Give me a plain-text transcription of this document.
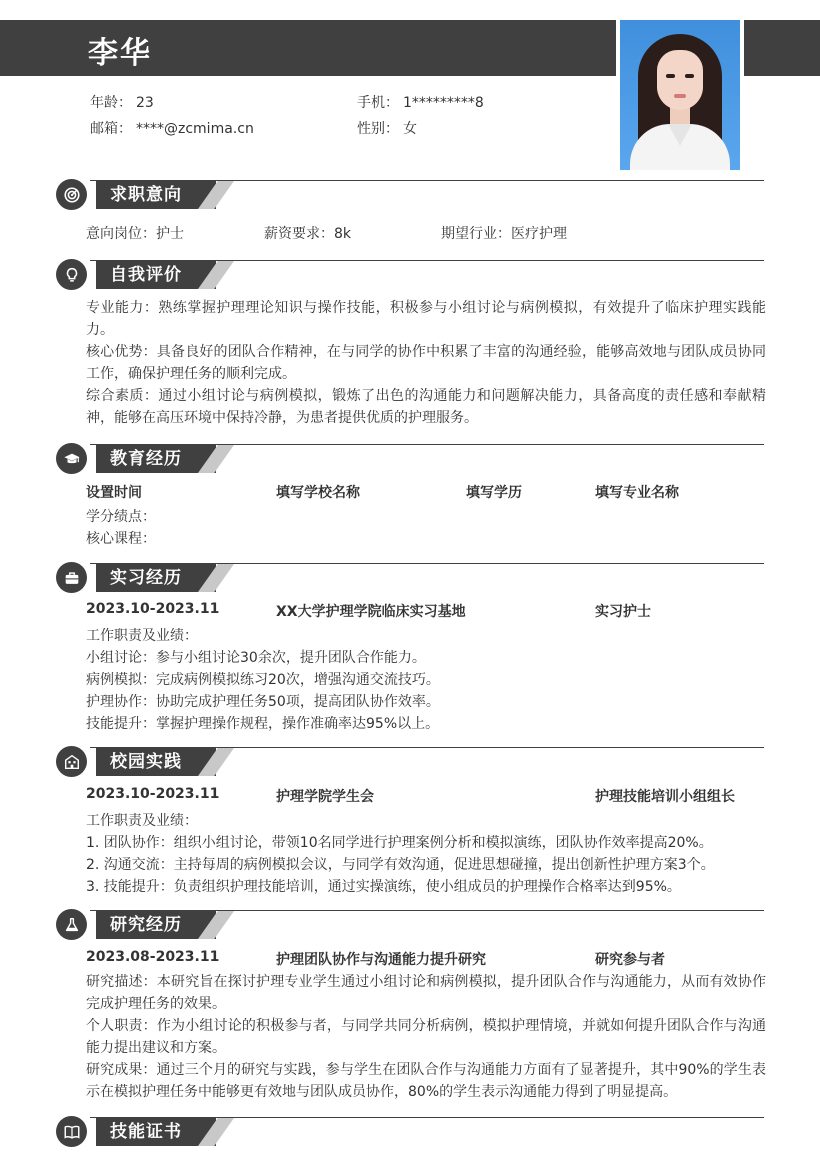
李华
年龄： 23	手机： 1*********8
邮箱： ****@zcmima.cn	性别： 女
求职意向
意向岗位：护士	薪资要求：8k	期望行业：医疗护理
自我评价
专业能力：熟练掌握护理理论知识与操作技能，积极参与小组讨论与病例模拟，有效提升了临床护理实践能力。
核心优势：具备良好的团队合作精神，在与同学的协作中积累了丰富的沟通经验，能够高效地与团队成员协同工作，确保护理任务的顺利完成。
综合素质：通过小组讨论与病例模拟，锻炼了出色的沟通能力和问题解决能力，具备高度的责任感和奉献精神，能够在高压环境中保持冷静，为患者提供优质的护理服务。
教育经历
设置时间	填写学校名称	填写学历	填写专业名称
学分绩点：
核心课程：
实习经历
2023.10-2023.11	XX大学护理学院临床实习基地	实习护士
工作职责及业绩：
小组讨论：参与小组讨论30余次，提升团队合作能力。
病例模拟：完成病例模拟练习20次，增强沟通交流技巧。
护理协作：协助完成护理任务50项，提高团队协作效率。
技能提升：掌握护理操作规程，操作准确率达95%以上。
校园实践
2023.10-2023.11	护理学院学生会	护理技能培训小组组长
工作职责及业绩：
1. 团队协作：组织小组讨论，带领10名同学进行护理案例分析和模拟演练，团队协作效率提高20%。
2. 沟通交流：主持每周的病例模拟会议，与同学有效沟通，促进思想碰撞，提出创新性护理方案3个。
3. 技能提升：负责组织护理技能培训，通过实操演练，使小组成员的护理操作合格率达到95%。
研究经历
2023.08-2023.11	护理团队协作与沟通能力提升研究	研究参与者
研究描述：本研究旨在探讨护理专业学生通过小组讨论和病例模拟，提升团队合作与沟通能力，从而有效协作完成护理任务的效果。
个人职责：作为小组讨论的积极参与者，与同学共同分析病例，模拟护理情境，并就如何提升团队合作与沟通能力提出建议和方案。
研究成果：通过三个月的研究与实践，参与学生在团队合作与沟通能力方面有了显著提升，其中90%的学生表示在模拟护理任务中能够更有效地与团队成员协作，80%的学生表示沟通能力得到了明显提高。
技能证书
